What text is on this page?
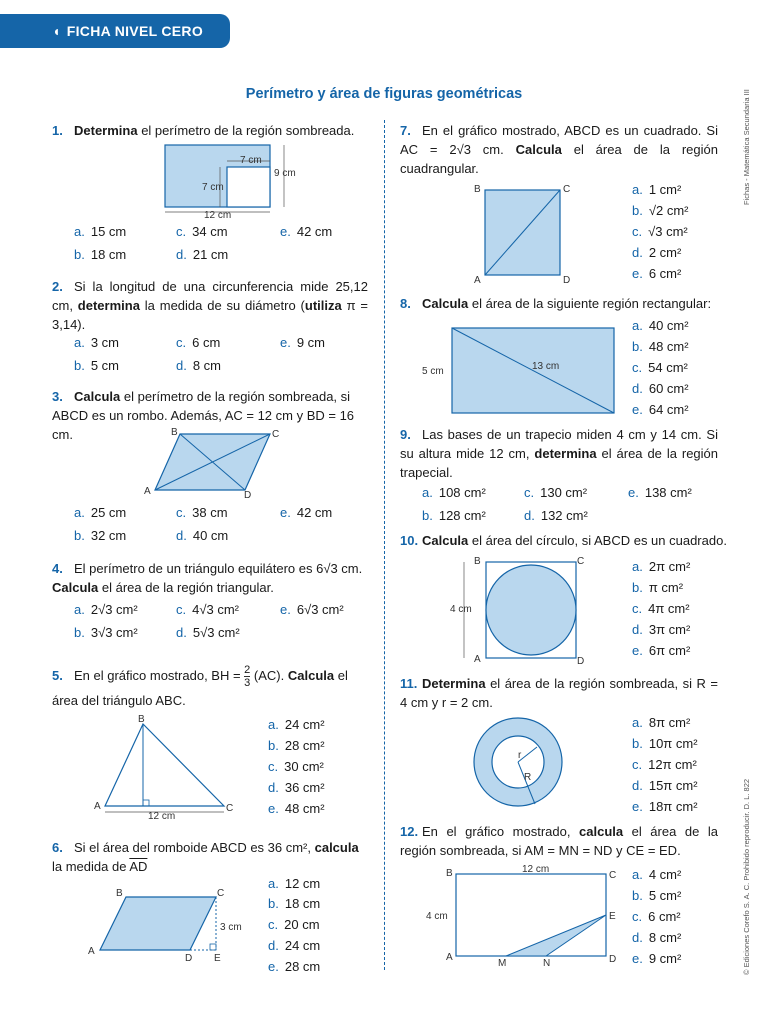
◖ FICHA NIVEL CERO
Fichas - Matemática Secundaria III
© Ediciones Corefo S. A. C. Prohibido reproducir. D. L. 822
Perímetro y área de figuras geométricas
1. Determina el perímetro de la región sombreada.
7 cm
9 cm
7 cm
12 cm
a. 15 cm	c. 34 cm	e. 42 cm
b. 18 cm	d. 21 cm
2. Si la longitud de una circunferencia mide 25,12 cm, determina la medida de su diámetro (utiliza π = 3,14).
a. 3 cm	c. 6 cm	e. 9 cm
b. 5 cm	d. 8 cm
3. Calcula el perímetro de la región sombreada, si ABCD es un rombo. Además, AC = 12 cm y BD = 16 cm.	B	C
A	D
a. 25 cm	c. 38 cm	e. 42 cm
b. 32 cm	d. 40 cm
4. El perímetro de un triángulo equilátero es 6√3 cm. Calcula el área de la región triangular.
a. 2√3 cm²	c. 4√3 cm²	e. 6√3 cm²
b. 3√3 cm²	d. 5√3 cm²
5. En el gráfico mostrado, BH = $\frac{2}{3} (AC)$. Calcula el área del triángulo ABC.
B
A	C
12 cm
a. 24 cm²
b. 28 cm²
c. 30 cm²
d. 36 cm²
e. 48 cm²
6. Si el área del romboide ABCD es 36 cm², calcula la medida de $\overline{AD}$
B	C
A
D E
3 cm
a. 12 cm
b. 18 cm
c. 20 cm
d. 24 cm
e. 28 cm
7. En el gráfico mostrado, ABCD es un cuadrado. Si AC = 2√3 cm. Calcula el área de la región cuadrangular.
B	C
A	D
a. 1 cm²
b. √2 cm²
c. √3 cm²
d. 2 cm²
e. 6 cm²
8. Calcula el área de la siguiente región rectangular:
5 cm	13 cm
a. 40 cm²
b. 48 cm²
c. 54 cm²
d. 60 cm²
e. 64 cm²
9. Las bases de un trapecio miden 4 cm y 14 cm. Si su altura mide 12 cm, determina el área de la región trapecial.
a. 108 cm²	c. 130 cm²	e. 138 cm²
b. 128 cm²	d. 132 cm²
10. Calcula el área del círculo, si ABCD es un cuadrado.
B	C
A	D
4 cm
a. 2π cm²
b. π cm²
c. 4π cm²
d. 3π cm²
e. 6π cm²
11. Determina el área de la región sombreada, si R = 4 cm y r = 2 cm.
r
R
a. 8π cm²
b. 10π cm²
c. 12π cm²
d. 15π cm²
e. 18π cm²
12. En el gráfico mostrado, calcula el área de la región sombreada, si AM = MN = ND y CE = ED.
12 cm
4 cm
B	C
E
A	D
M	N
a. 4 cm²
b. 5 cm²
c. 6 cm²
d. 8 cm²
e. 9 cm²
